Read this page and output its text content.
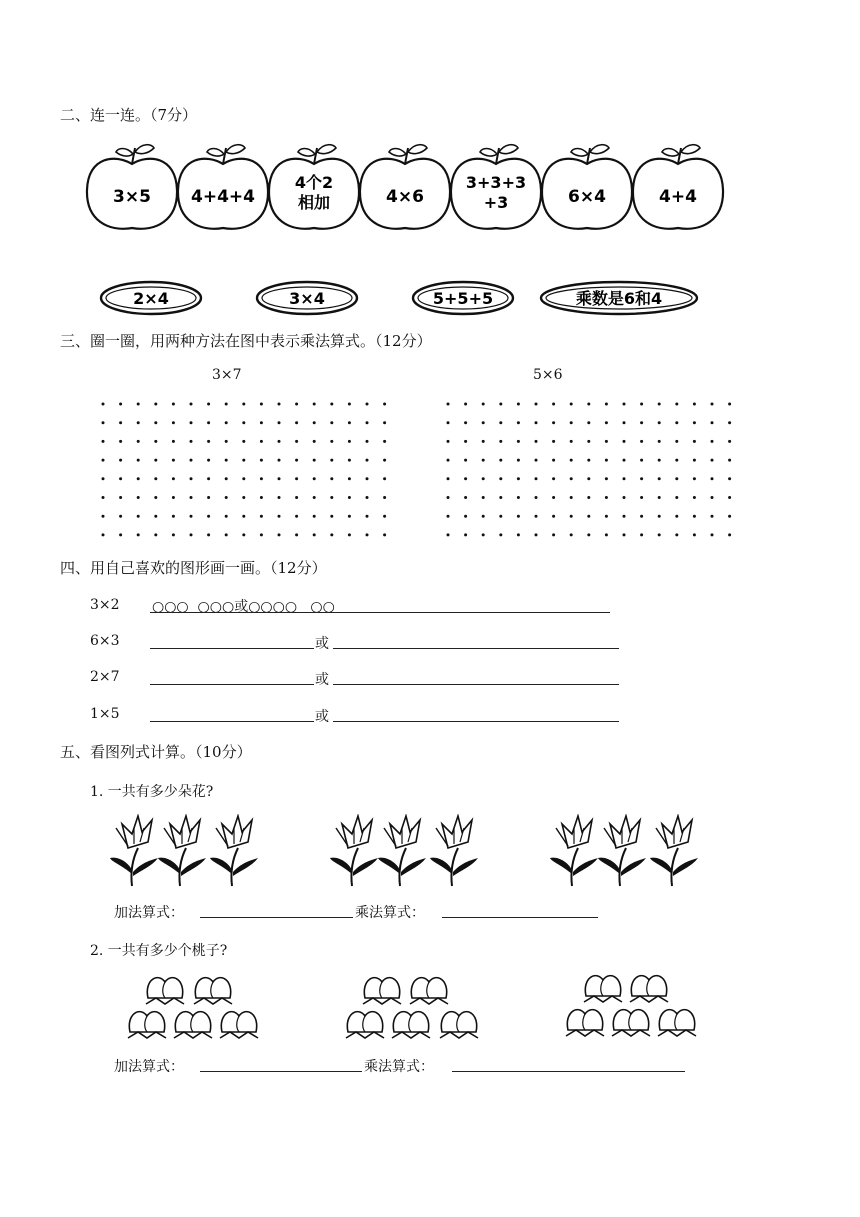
二、连一连。（7分）
3×5 4+4+4
4个2
相加	4×6
3+3+3
+3	6×4	4+4
2×4	3×4	5+5+5	乘数是6和4
三、圈一圈，用两种方法在图中表示乘法算式。（12分）
3×7	5×6
四、用自己喜欢的图形画一画。（12分）
3×2 ○○○  ○○○或○○○○   ○○
6×3	或
2×7	或
1×5	或
五、看图列式计算。（10分）
1. 一共有多少朵花?
加法算式：	乘法算式：
2. 一共有多少个桃子?
加法算式：	乘法算式：
